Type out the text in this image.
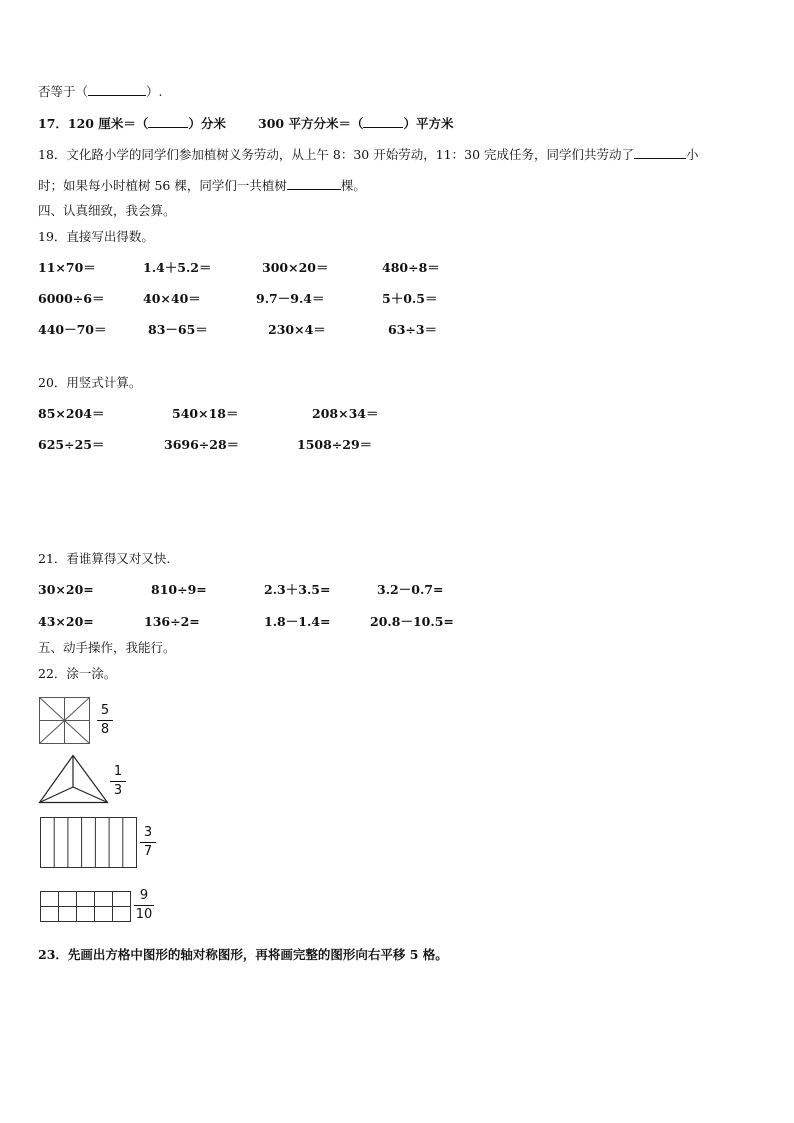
否等于（	）.
17．120 厘米＝（	）分米	300 平方分米＝（	）平方米
18．文化路小学的同学们参加植树义务劳动，从上午 8：30 开始劳动，11：30 完成任务，同学们共劳动了	小
时；如果每小时植树 56 棵，同学们一共植树	棵。
四、认真细致，我会算。
19．直接写出得数。
11×70＝	1.4＋5.2＝	300×20＝	480÷8＝
6000÷6＝	40×40＝	9.7－9.4＝	5＋0.5＝
440－70＝	83－65＝	230×4＝	63÷3＝
20．用竖式计算。
85×204＝	540×18＝	208×34＝
625÷25＝	3696÷28＝	1508÷29＝
21．看谁算得又对又快.
30×20=	810÷9=	2.3＋3.5=	3.2－0.7=
43×20=	136÷2=	1.8－1.4=	20.8－10.5=
五、动手操作，我能行。
22．涂一涂。
5
8
1
3
3
7
9
10
23．先画出方格中图形的轴对称图形，再将画完整的图形向右平移 5 格。
